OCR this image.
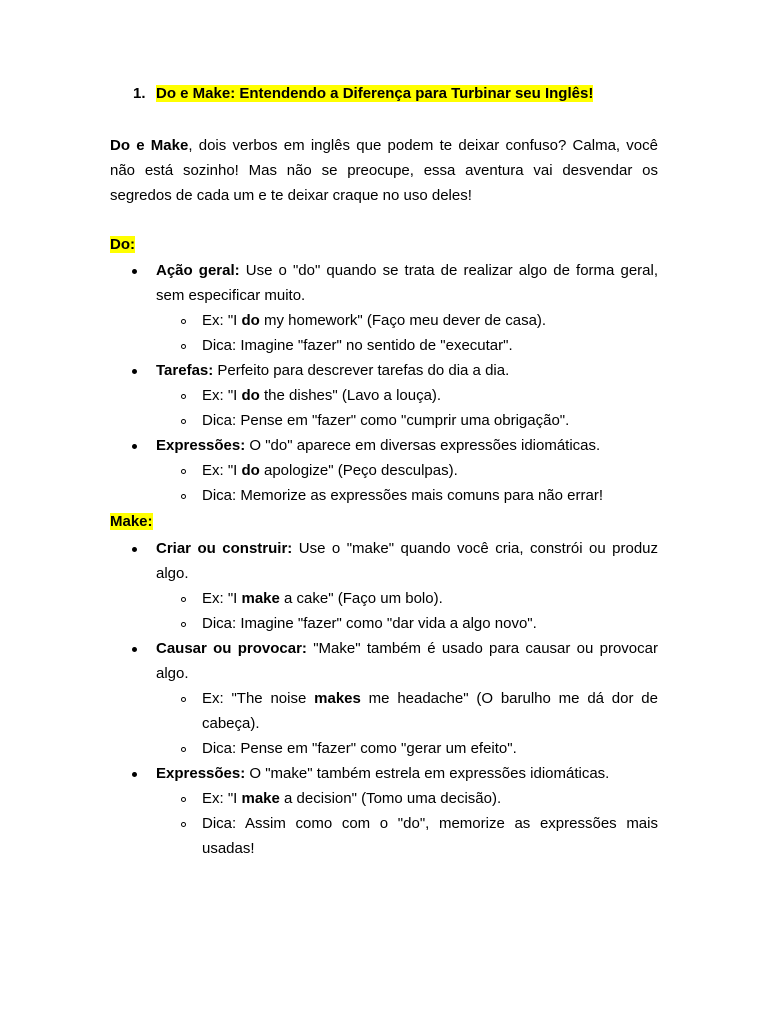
1. Do e Make: Entendendo a Diferença para Turbinar seu Inglês!

Do e Make, dois verbos em inglês que podem te deixar confuso? Calma, você não está sozinho! Mas não se preocupe, essa aventura vai desvendar os segredos de cada um e te deixar craque no uso deles!

Do:
Ação geral: Use o "do" quando se trata de realizar algo de forma geral, sem especificar muito.
Ex: "I do my homework" (Faço meu dever de casa).
Dica: Imagine "fazer" no sentido de "executar".
Tarefas: Perfeito para descrever tarefas do dia a dia.
Ex: "I do the dishes" (Lavo a louça).
Dica: Pense em "fazer" como "cumprir uma obrigação".
Expressões: O "do" aparece em diversas expressões idiomáticas.
Ex: "I do apologize" (Peço desculpas).
Dica: Memorize as expressões mais comuns para não errar!
Make:
Criar ou construir: Use o "make" quando você cria, constrói ou produz algo.
Ex: "I make a cake" (Faço um bolo).
Dica: Imagine "fazer" como "dar vida a algo novo".
Causar ou provocar: "Make" também é usado para causar ou provocar algo.
Ex: "The noise makes me headache" (O barulho me dá dor de cabeça).
Dica: Pense em "fazer" como "gerar um efeito".
Expressões: O "make" também estrela em expressões idiomáticas.
Ex: "I make a decision" (Tomo uma decisão).
Dica: Assim como com o "do", memorize as expressões mais usadas!
